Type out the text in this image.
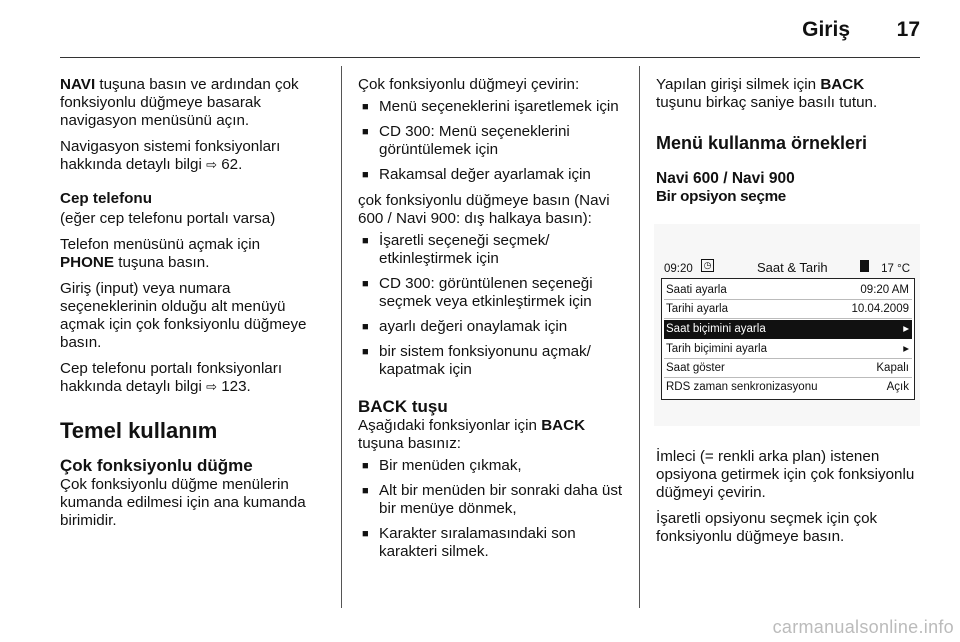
Giriş 17

NAVI tuşuna basın ve ardından çok fonksiyonlu düğmeye basarak navigasyon menüsünü açın.

Navigasyon sistemi fonksiyonları hakkında detaylı bilgi ⇨ 62.

Cep telefonu

(eğer cep telefonu portalı varsa)

Telefon menüsünü açmak için
PHONE tuşuna basın.

Giriş (input) veya numara seçeneklerinin olduğu alt menüyü açmak için çok fonksiyonlu düğmeye basın.

Cep telefonu portalı fonksiyonları hakkında detaylı bilgi ⇨ 123.

Temel kullanım
Çok fonksiyonlu düğme

Çok fonksiyonlu düğme menülerin kumanda edilmesi için ana kumanda birimidir.

Çok fonksiyonlu düğmeyi çevirin:

■ Menü seçeneklerini işaretlemek için
■ CD 300: Menü seçeneklerini görüntülemek için
■ Rakamsal değer ayarlamak için

çok fonksiyonlu düğmeye basın (Navi 600 / Navi 900: dış halkaya basın):

■ İşaretli seçeneği seçmek/ etkinleştirmek için
■ CD 300: görüntülenen seçeneği seçmek veya etkinleştirmek için
■ ayarlı değeri onaylamak için
■ bir sistem fonksiyonunu açmak/ kapatmak için
BACK tuşu

Aşağıdaki fonksiyonlar için BACK
tuşuna basınız:

■ Bir menüden çıkmak,
■ Alt bir menüden bir sonraki daha üst bir menüye dönmek,
■ Karakter sıralamasındaki son karakteri silmek.

Yapılan girişi silmek için BACK
tuşunu birkaç saniye basılı tutun.

Menü kullanma örnekleri
Navi 600 / Navi 900

Bir opsiyon seçme

09:20 ◷	Saat & Tarih	17 °C
Saati ayarla	09:20 AM
Tarihi ayarla	10.04.2009
Saat biçimini ayarla	▸
Tarih biçimini ayarla	▸
Saat göster	Kapalı
RDS zaman senkronizasyonu	Açık

İmleci (= renkli arka plan) istenen opsiyona getirmek için çok fonksiyonlu düğmeyi çevirin.

İşaretli opsiyonu seçmek için çok fonksiyonlu düğmeye basın.

carmanualsonline.info
